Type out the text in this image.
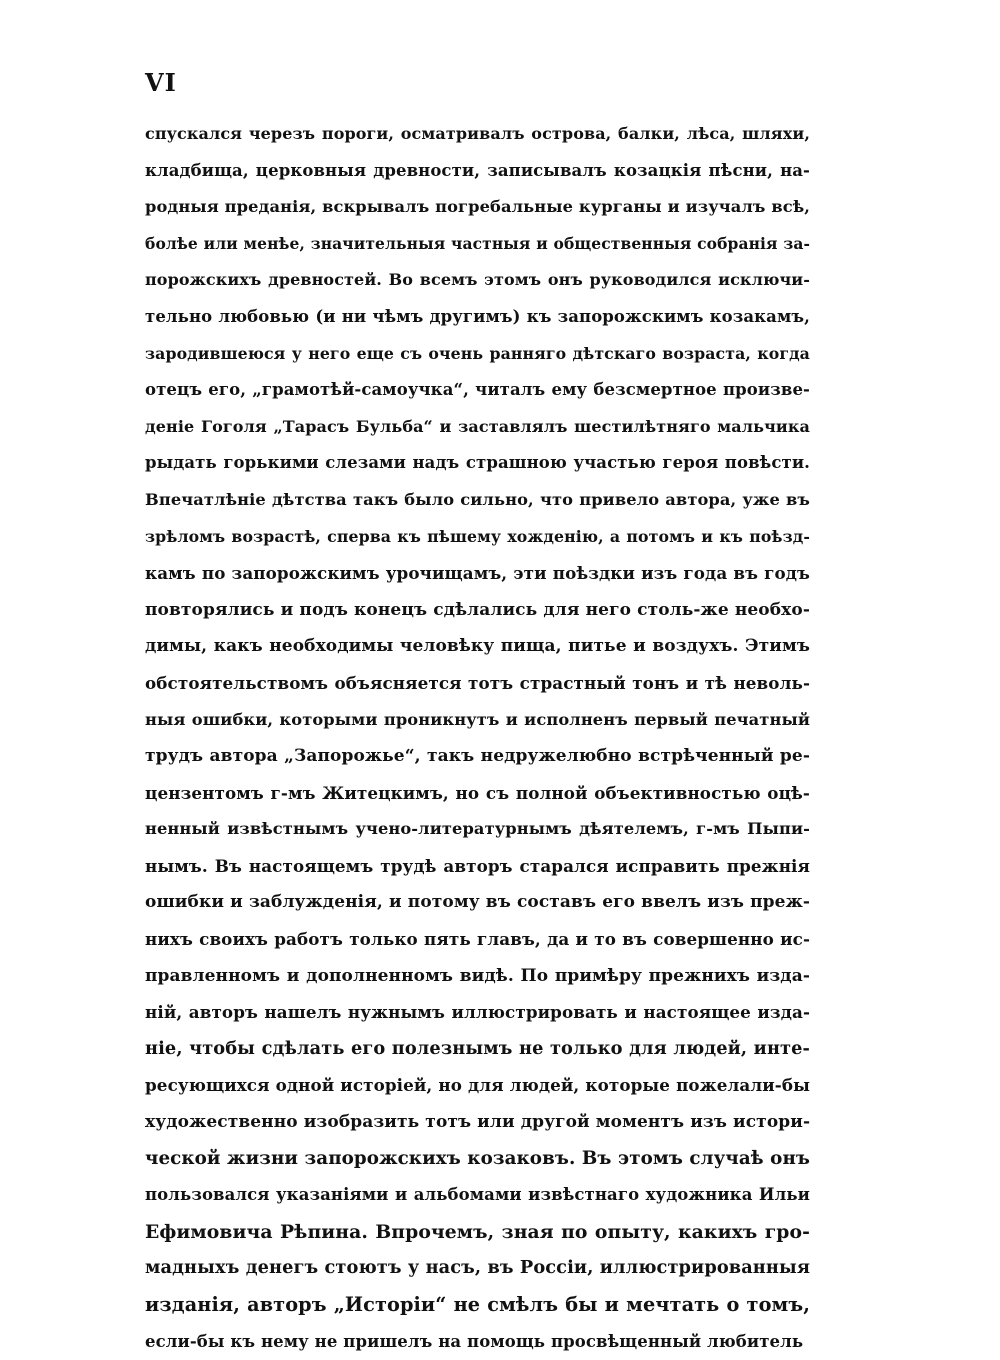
VI

спускался черезъ пороги, осматривалъ острова, балки, лѣса, шляхи,
кладбища, церковныя древности, записывалъ козацкiя пѣсни, на-
родныя преданiя, вскрывалъ погребальные курганы и изучалъ всѣ,
болѣе или менѣе, значительныя частныя и общественныя собранiя за-
порожскихъ древностей. Во всемъ этомъ онъ руководился исключи-
тельно любовью (и ни чѣмъ другимъ) къ запорожскимъ козакамъ,
зародившеюся у него еще съ очень ранняго дѣтскаго возраста, когда
отецъ его, „грамотѣй-самоучка“, читалъ ему безсмертное произве-
денiе Гоголя „Тарасъ Бульба“ и заставлялъ шестилѣтняго мальчика
рыдать горькими слезами надъ страшною участью героя повѣсти.
Впечатлѣнiе дѣтства такъ было сильно, что привело автора, уже въ
зрѣломъ возрастѣ, сперва къ пѣшему хожденiю, а потомъ и къ поѣзд-
камъ по запорожскимъ урочищамъ, эти поѣздки изъ года въ годъ
повторялись и подъ конецъ сдѣлались для него столь-же необхо-
димы, какъ необходимы человѣку пища, питье и воздухъ. Этимъ
обстоятельствомъ объясняется тотъ страстный тонъ и тѣ неволь-
ныя ошибки, которыми проникнутъ и исполненъ первый печатный
трудъ автора „Запорожье“, такъ недружелюбно встрѣченный ре-
цензентомъ г-мъ Житецкимъ, но съ полной объективностью оцѣ-
ненный извѣстнымъ учено-литературнымъ дѣятелемъ, г-мъ Пыпи-
нымъ. Въ настоящемъ трудѣ авторъ старался исправить прежнiя
ошибки и заблужденiя, и потому въ составъ его ввелъ изъ преж-
нихъ своихъ работъ только пять главъ, да и то въ совершенно ис-
правленномъ и дополненномъ видѣ. По примѣру прежнихъ изда-
нiй, авторъ нашелъ нужнымъ иллюстрировать и настоящее изда-
нiе, чтобы сдѣлать его полезнымъ не только для людей, инте-
ресующихся одной исторiей, но для людей, которые пожелали-бы
художественно изобразить тотъ или другой моментъ изъ истори-
ческой жизни запорожскихъ козаковъ. Въ этомъ случаѣ онъ
пользовался указанiями и альбомами извѣстнаго художника Ильи
Ефимовича Рѣпина. Впрочемъ, зная по опыту, какихъ гро-
мадныхъ денегъ стоютъ у насъ, въ Россiи, иллюстрированныя
изданiя, авторъ „Исторiи“ не смѣлъ бы и мечтать о томъ,
если-бы къ нему не пришелъ на помощь просвѣщенный любитель
